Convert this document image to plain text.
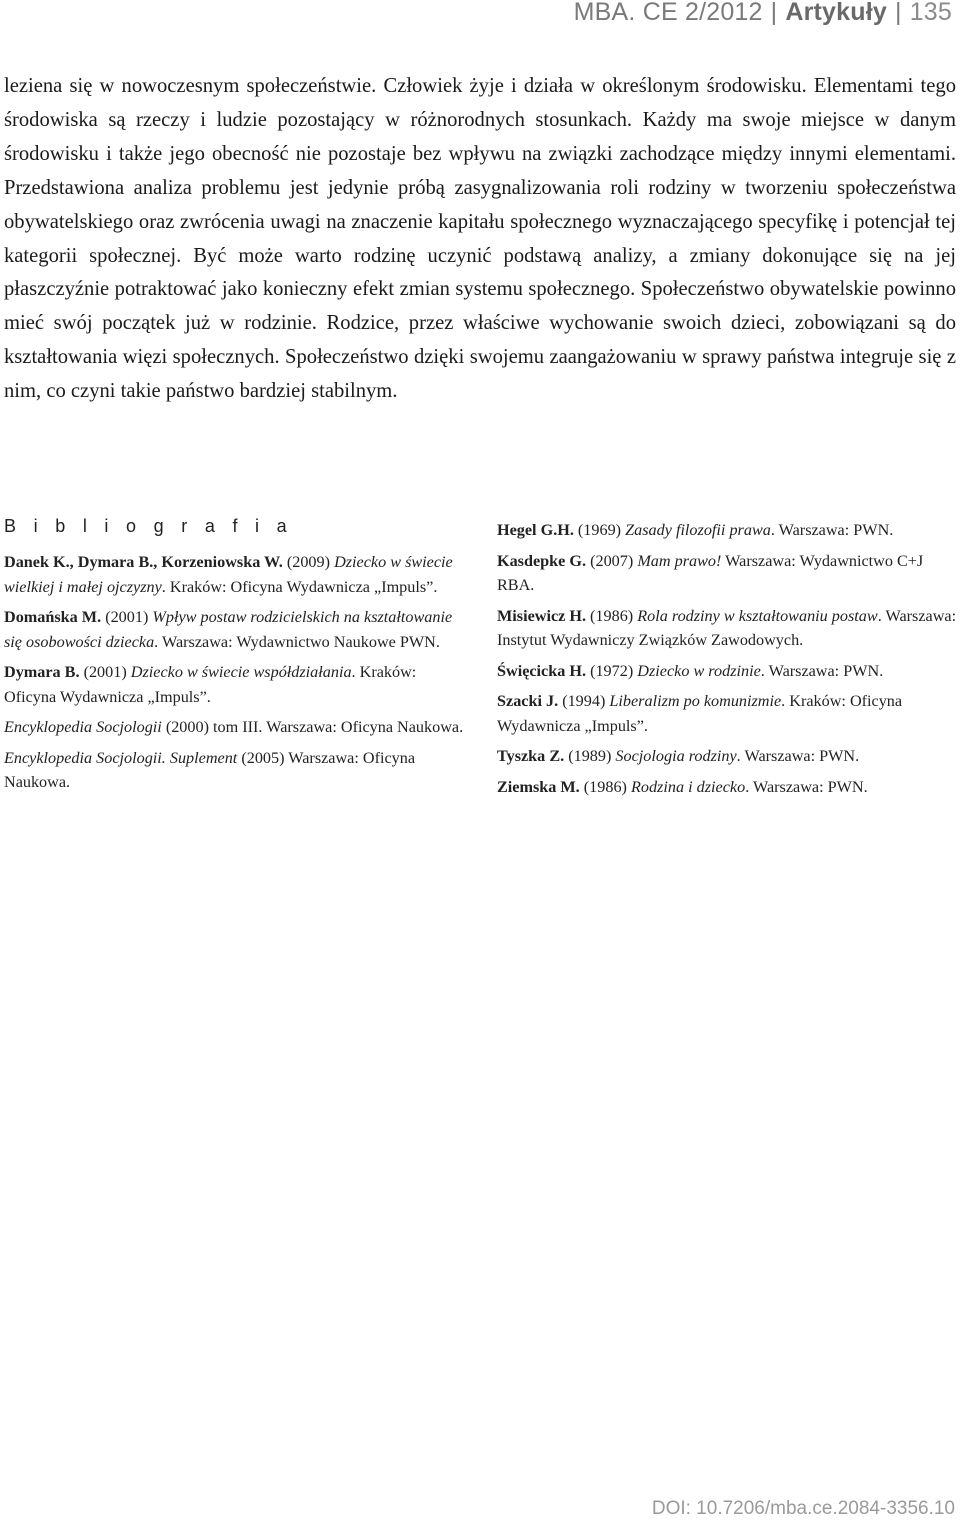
MBA. CE 2/2012 | Artykuły | 135

leziena się w nowoczesnym społeczeństwie. Człowiek żyje i działa w określonym środowisku. Elementami tego środowiska są rzeczy i ludzie pozostający w różnorodnych stosunkach. Każdy ma swoje miejsce w danym środowisku i także jego obecność nie pozostaje bez wpływu na związki zachodzące między innymi elementami. Przedstawiona analiza problemu jest jedynie próbą zasygnalizowania roli rodziny w tworzeniu społeczeństwa obywatelskiego oraz zwrócenia uwagi na znaczenie kapitału społecznego wyznaczającego specyfikę i potencjał tej kategorii społecznej. Być może warto rodzinę uczynić podstawą analizy, a zmiany dokonujące się na jej płaszczyźnie potraktować jako konieczny efekt zmian systemu społecznego. Społeczeństwo obywatelskie powinno mieć swój początek już w rodzinie. Rodzice, przez właściwe wychowanie swoich dzieci, zobowiązani są do kształtowania więzi społecznych. Społeczeństwo dzięki swojemu zaangażowaniu w sprawy państwa integruje się z nim, co czyni takie państwo bardziej stabilnym.

Bibliografia

Danek K., Dymara B., Korzeniowska W. (2009) Dziecko w świecie wielkiej i małej ojczyzny. Kraków: Oficyna Wydawnicza „Impuls”.

Domańska M. (2001) Wpływ postaw rodzicielskich na kształtowanie się osobowości dziecka. Warszawa: Wydawnictwo Naukowe PWN.

Dymara B. (2001) Dziecko w świecie współdziałania. Kraków: Oficyna Wydawnicza „Impuls”.

Encyklopedia Socjologii (2000) tom III. Warszawa: Oficyna Naukowa.

Encyklopedia Socjologii. Suplement (2005) Warszawa: Oficyna Naukowa.

Hegel G.H. (1969) Zasady filozofii prawa. Warszawa: PWN.

Kasdepke G. (2007) Mam prawo! Warszawa: Wydawnictwo C+J RBA.

Misiewicz H. (1986) Rola rodziny w kształtowaniu postaw. Warszawa: Instytut Wydawniczy Związków Zawodowych.

Święcicka H. (1972) Dziecko w rodzinie. Warszawa: PWN.

Szacki J. (1994) Liberalizm po komunizmie. Kraków: Oficyna Wydawnicza „Impuls”.

Tyszka Z. (1989) Socjologia rodziny. Warszawa: PWN.

Ziemska M. (1986) Rodzina i dziecko. Warszawa: PWN.

DOI: 10.7206/mba.ce.2084-3356.10
